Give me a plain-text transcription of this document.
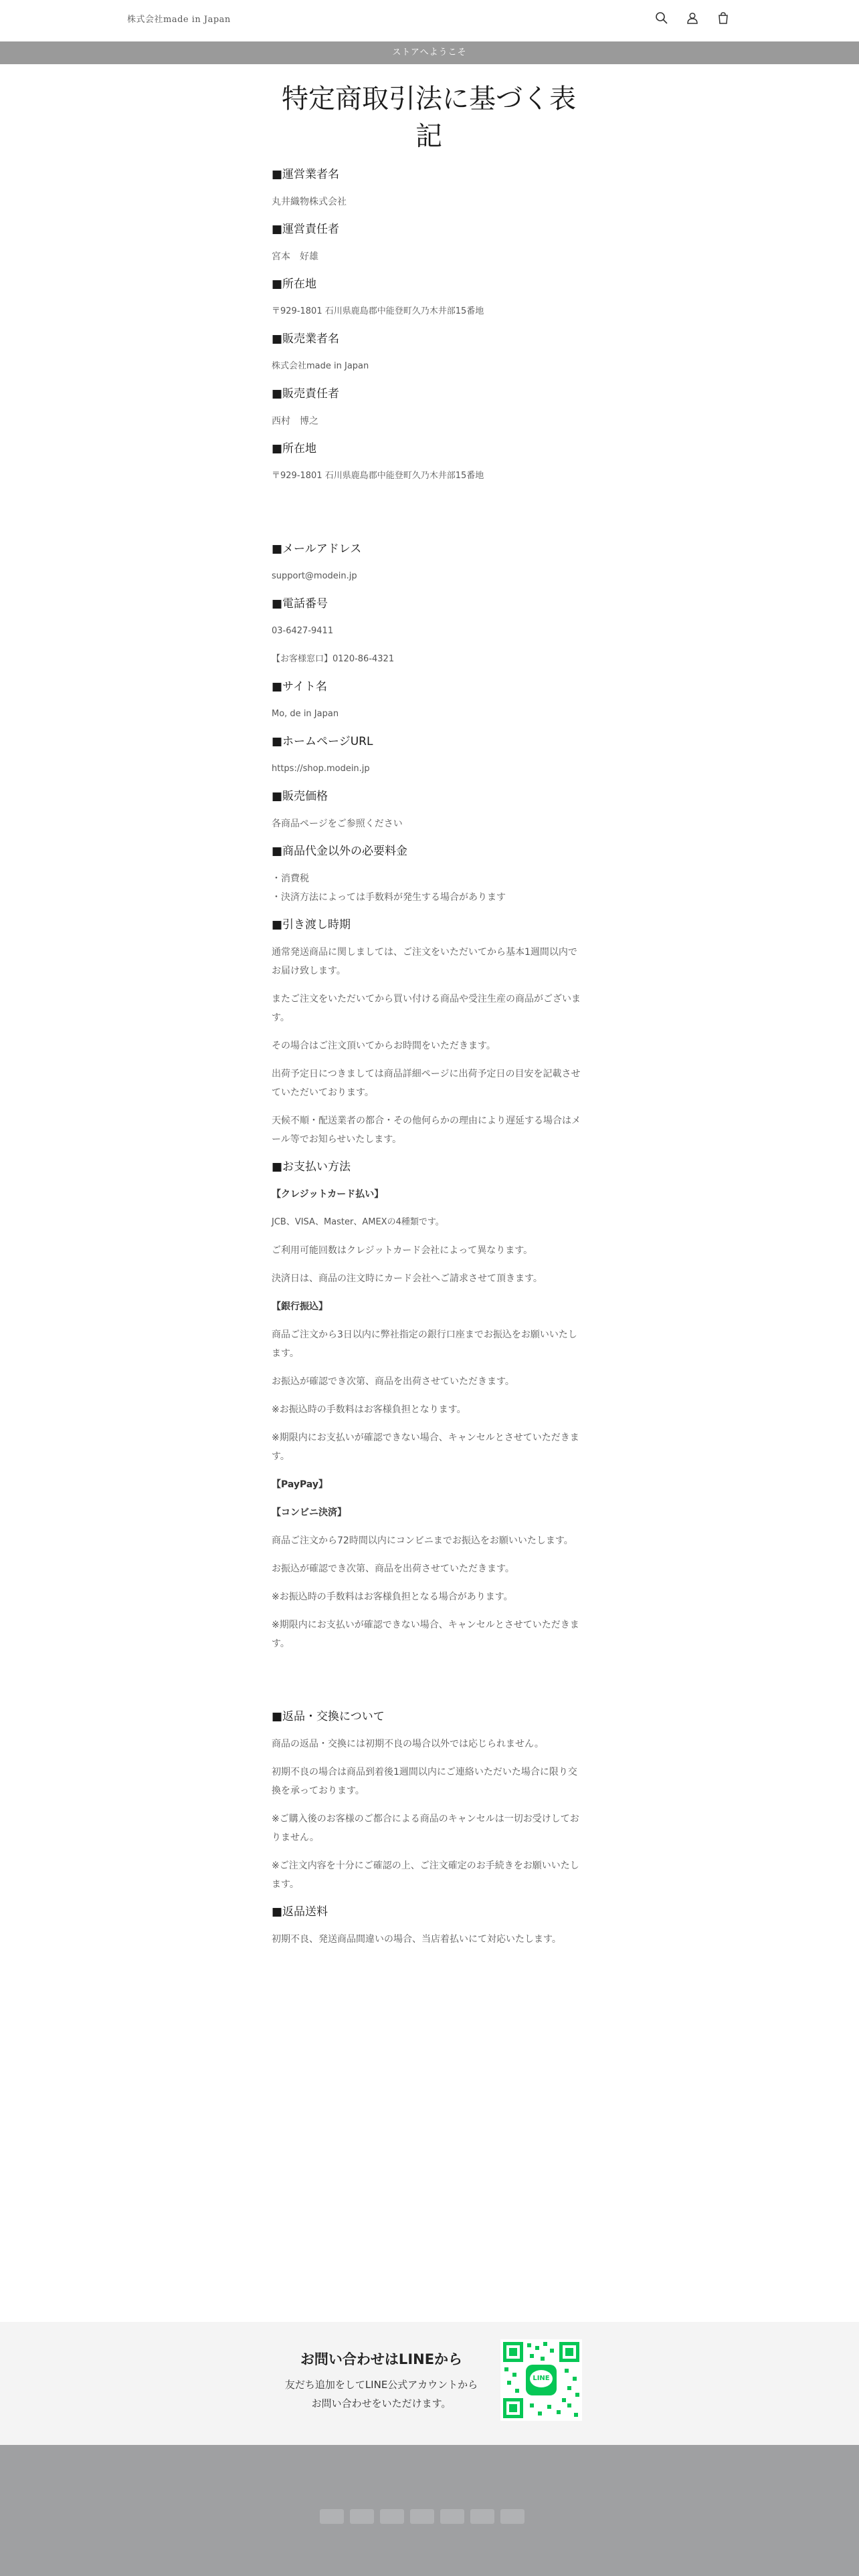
株式会社made in Japan
ストアへようこそ
特定商取引法に基づく表記
■運営業者名
丸井織物株式会社
■運営責任者
宮本　好雄
■所在地
〒929-1801 石川県鹿島郡中能登町久乃木井部15番地
■販売業者名
株式会社made in Japan
■販売責任者
西村　博之
■所在地
〒929-1801 石川県鹿島郡中能登町久乃木井部15番地
■メールアドレス
support@modein.jp
■電話番号
03-6427-9411
【お客様窓口】0120-86-4321
■サイト名
Mo, de in Japan
■ホームページURL
https://shop.modein.jp
■販売価格
各商品ページをご参照ください
■商品代金以外の必要料金
・消費税
・決済方法によっては手数料が発生する場合があります
■引き渡し時期
通常発送商品に関しましては、ご注文をいただいてから基本1週間以内でお届け致します。
またご注文をいただいてから買い付ける商品や受注生産の商品がございます。
その場合はご注文頂いてからお時間をいただきます。
出荷予定日につきましては商品詳細ページに出荷予定日の目安を記載させていただいております。
天候不順・配送業者の都合・その他何らかの理由により遅延する場合はメール等でお知らせいたします。
■お支払い方法
【クレジットカード払い】
JCB、VISA、Master、AMEXの4種類です。
ご利用可能回数はクレジットカード会社によって異なります。
決済日は、商品の注文時にカード会社へご請求させて頂きます。
【銀行振込】
商品ご注文から3日以内に弊社指定の銀行口座までお振込をお願いいたします。
お振込が確認でき次第、商品を出荷させていただきます。
※お振込時の手数料はお客様負担となります。
※期限内にお支払いが確認できない場合、キャンセルとさせていただきます。
【PayPay】
【コンビニ決済】
商品ご注文から72時間以内にコンビニまでお振込をお願いいたします。
お振込が確認でき次第、商品を出荷させていただきます。
※お振込時の手数料はお客様負担となる場合があります。
※期限内にお支払いが確認できない場合、キャンセルとさせていただきます。
■返品・交換について
商品の返品・交換には初期不良の場合以外では応じられません。
初期不良の場合は商品到着後1週間以内にご連絡いただいた場合に限り交換を承っております。
※ご購入後のお客様のご都合による商品のキャンセルは一切お受けしておりません。
※ご注文内容を十分にご確認の上、ご注文確定のお手続きをお願いいたします。
■返品送料
初期不良、発送商品間違いの場合、当店着払いにて対応いたします。
お問い合わせはLINEから
友だち追加をしてLINE公式アカウントから
お問い合わせをいただけます。
LINE
